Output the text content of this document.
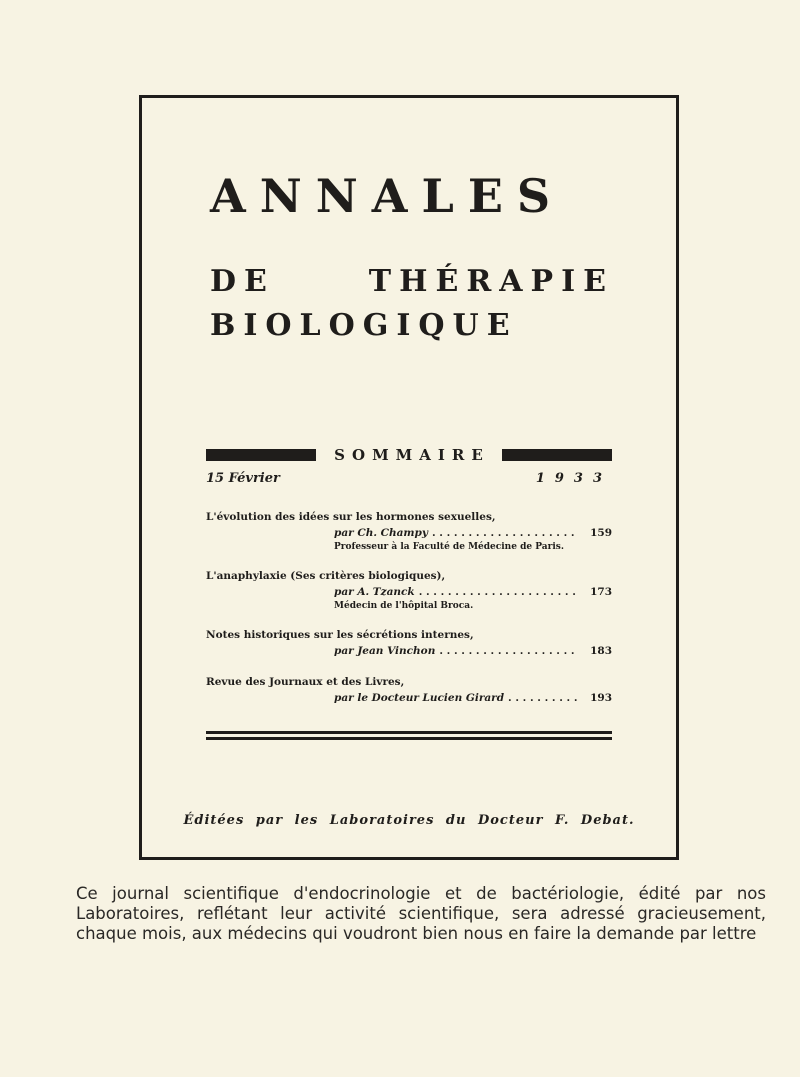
ANNALES
DE THÉRAPIE
BIOLOGIQUE
SOMMAIRE
15 Février	1933
L'évolution des idées sur les hormones sexuelles,
par Ch. Champy . . .	159
Professeur à la Faculté de Médecine de Paris.
L'anaphylaxie (Ses critères biologiques),
par A. Tzanck . . .	173
Médecin de l'hôpital Broca.
Notes historiques sur les sécrétions internes,
par Jean Vinchon . . .	183
Revue des Journaux et des Livres,
par le Docteur Lucien Girard . . .	193
Éditées par les Laboratoires du Docteur F. Debat.
Ce journal scientifique d'endocrinologie et de bactériologie, édité par nos Laboratoires, reflétant leur activité scientifique, sera adressé gracieusement, chaque mois, aux médecins qui voudront bien nous en faire la demande par lettre
